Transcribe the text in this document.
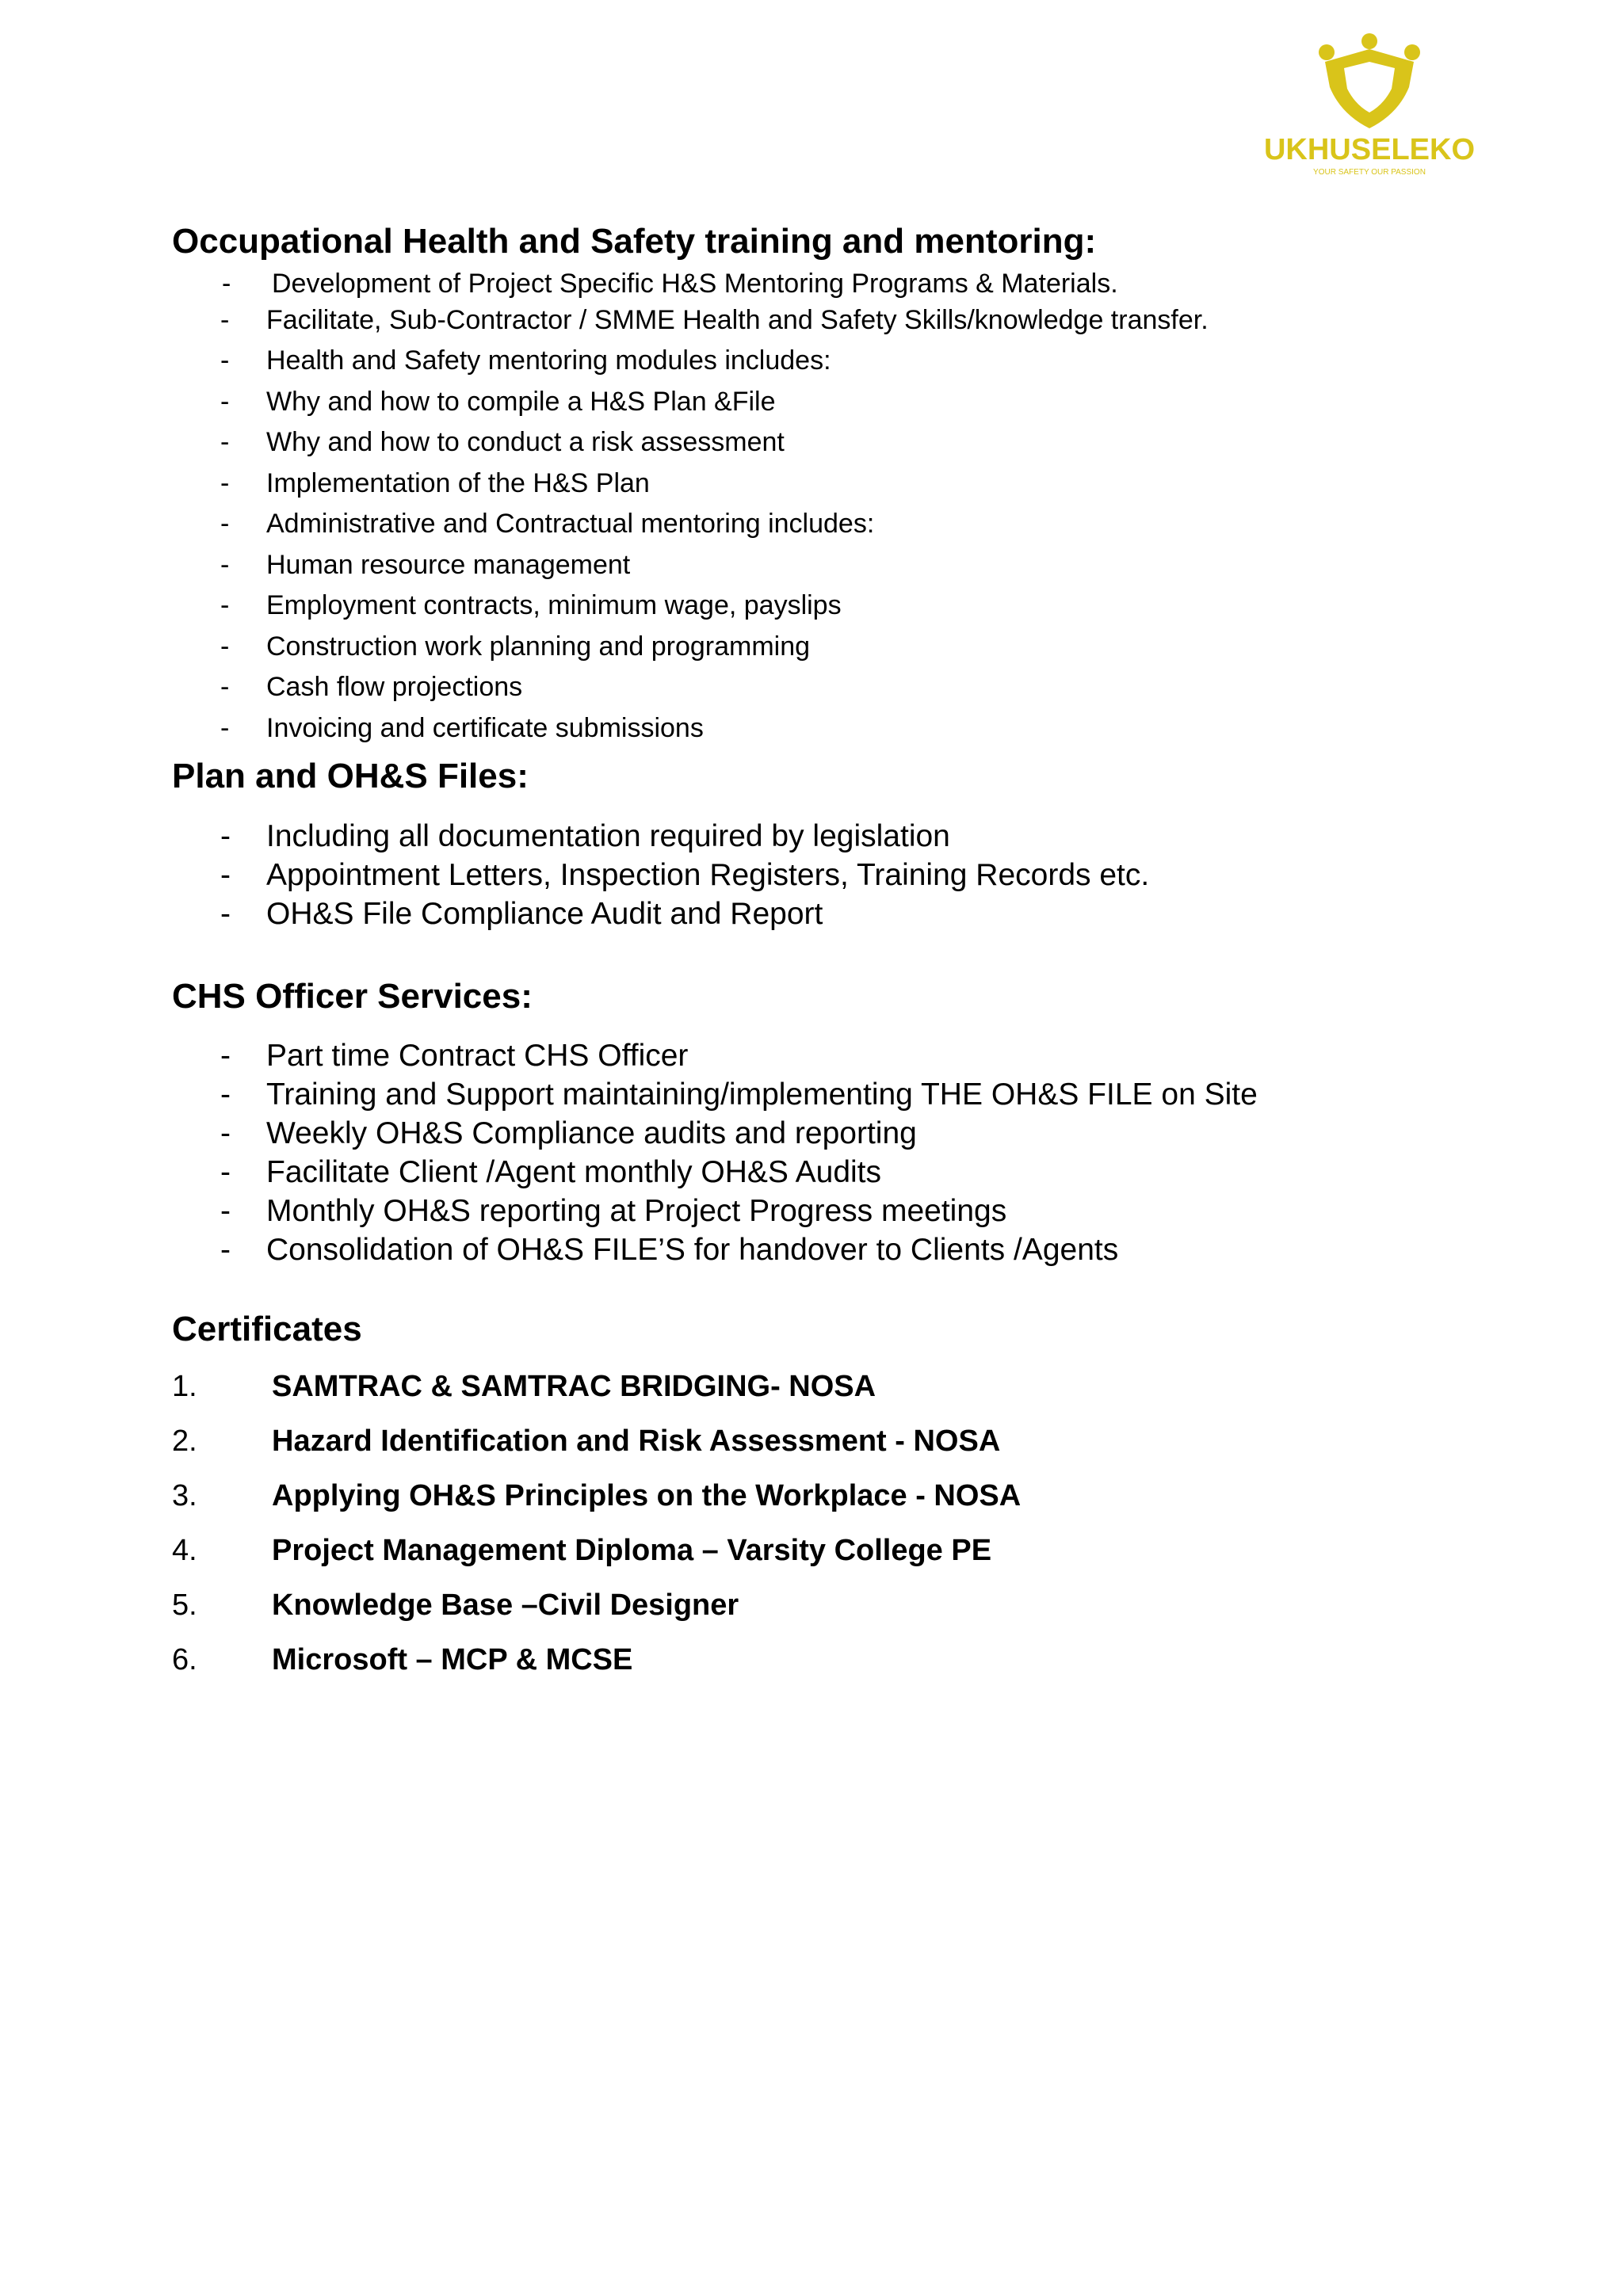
UKHUSELEKO
YOUR SAFETY OUR PASSION
Occupational Health and Safety training and mentoring:
- Development of Project Specific H&S Mentoring Programs & Materials.
- Facilitate, Sub-Contractor / SMME Health and Safety Skills/knowledge transfer.
- Health and Safety mentoring modules includes:
- Why and how to compile a H&S Plan &File
- Why and how to conduct a risk assessment
- Implementation of the H&S Plan
- Administrative and Contractual mentoring includes:
- Human resource management
- Employment contracts, minimum wage, payslips
- Construction work planning and programming
- Cash flow projections
- Invoicing and certificate submissions
Plan and OH&S Files:
- Including all documentation required by legislation
- Appointment Letters, Inspection Registers, Training Records etc.
- OH&S File Compliance Audit and Report
CHS Officer Services:
- Part time Contract CHS Officer
- Training and Support maintaining/implementing THE OH&S FILE on Site
- Weekly OH&S Compliance audits and reporting
- Facilitate Client /Agent monthly OH&S Audits
- Monthly OH&S reporting at Project Progress meetings
- Consolidation of OH&S FILE’S for handover to Clients /Agents
Certificates
1. SAMTRAC & SAMTRAC BRIDGING- NOSA
2. Hazard Identification and Risk Assessment - NOSA
3. Applying OH&S Principles on the Workplace - NOSA
4. Project Management Diploma – Varsity College PE
5. Knowledge Base –Civil Designer
6. Microsoft – MCP & MCSE
